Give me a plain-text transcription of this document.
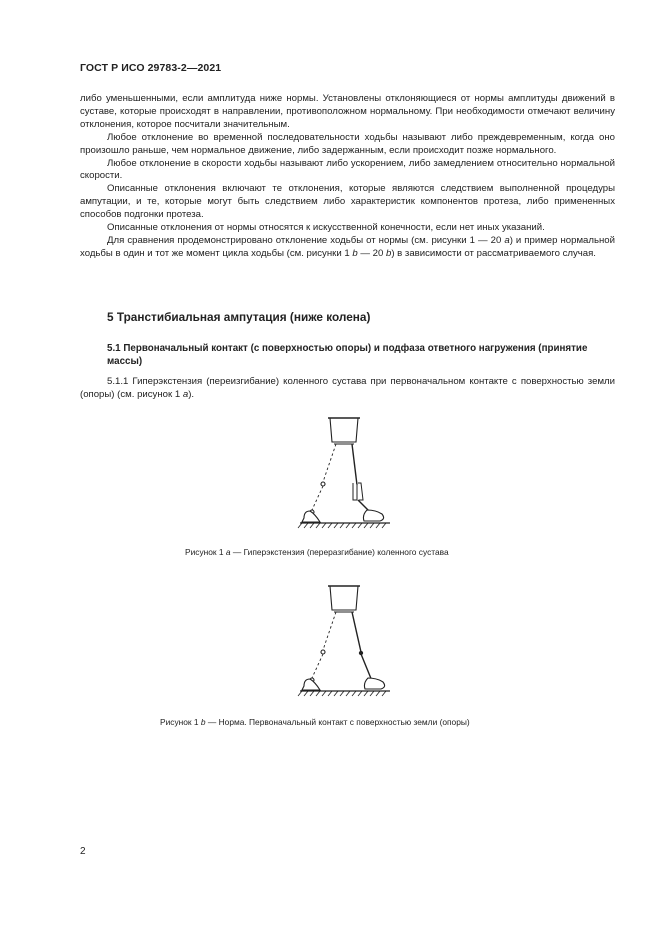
ГОСТ Р ИСО 29783-2—2021

либо уменьшенными, если амплитуда ниже нормы. Установлены отклоняющиеся от нормы амплитуды движений в суставе, которые происходят в направлении, противоположном нормальному. При необходимости отмечают величину отклонения, которое посчитали значительным.

Любое отклонение во временной последовательности ходьбы называют либо преждевременным, когда оно произошло раньше, чем нормальное движение, либо задержанным, если происходит позже нормального.

Любое отклонение в скорости ходьбы называют либо ускорением, либо замедлением относительно нормальной скорости.

Описанные отклонения включают те отклонения, которые являются следствием выполненной процедуры ампутации, и те, которые могут быть следствием либо характеристик компонентов протеза, либо примененных способов подгонки протеза.

Описанные отклонения от нормы относятся к искусственной конечности, если нет иных указаний.

Для сравнения продемонстрировано отклонение ходьбы от нормы (см. рисунки 1 — 20 a) и пример нормальной ходьбы в один и тот же момент цикла ходьбы (см. рисунки 1 b — 20 b) в зависимости от рассматриваемого случая.

5 Транстибиальная ампутация (ниже колена)
5.1 Первоначальный контакт (с поверхностью опоры) и подфаза ответного нагружения (принятие массы)

5.1.1 Гиперэкстензия (переизгибание) коленного сустава при первоначальном контакте с поверхностью земли (опоры) (см. рисунок 1 a).

Рисунок 1 a — Гиперэкстензия (переразгибание) коленного сустава
Рисунок 1 b — Норма. Первоначальный контакт с поверхностью земли (опоры)
2
